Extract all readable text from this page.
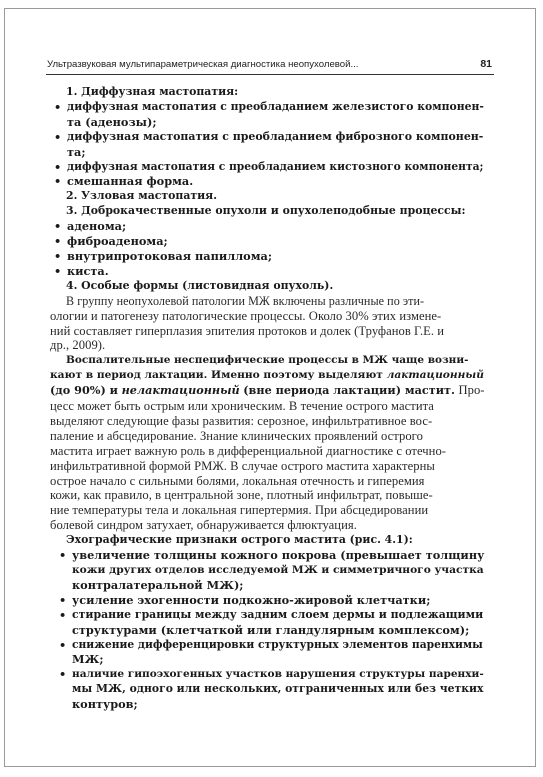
Ультразвуковая мультипараметрическая диагностика неопухолевой...	81
1. Диффузная мастопатия:
• диффузная мастопатия с преобладанием железистого компонен-
та (аденозы);
• диффузная мастопатия с преобладанием фиброзного компонен-
та;
• диффузная мастопатия с преобладанием кистозного компонента;
• смешанная форма.
2. Узловая мастопатия.
3. Доброкачественные опухоли и опухолеподобные процессы:
• аденома;
• фиброаденома;
• внутрипротоковая папиллома;
• киста.
4. Особые формы (листовидная опухоль).
В группу неопухолевой патологии МЖ включены различные по эти-
ологии и патогенезу патологические процессы. Около 30% этих измене-
ний составляет гиперплазия эпителия протоков и долек (Труфанов Г.Е. и
др., 2009).
Воспалительные неспецифические процессы в МЖ чаще возни-
кают в период лактации. Именно поэтому выделяют лактационный
(до 90%) и нелактационный (вне периода лактации) мастит. Про-
цесс может быть острым или хроническим. В течение острого мастита
выделяют следующие фазы развития: серозное, инфильтративное вос-
паление и абсцедирование. Знание клинических проявлений острого
мастита играет важную роль в дифференциальной диагностике с отечно-
инфильтративной формой РМЖ. В случае острого мастита характерны
острое начало с сильными болями, локальная отечность и гиперемия
кожи, как правило, в центральной зоне, плотный инфильтрат, повыше-
ние температуры тела и локальная гипертермия. При абсцедировании
болевой синдром затухает, обнаруживается флюктуация.
Эхографические признаки острого мастита (рис. 4.1):
• увеличение толщины кожного покрова (превышает толщину
кожи других отделов исследуемой МЖ и симметричного участка
контралатеральной МЖ);
• усиление эхогенности подкожно-жировой клетчатки;
• стирание границы между задним слоем дермы и подлежащими
структурами (клетчаткой или гландулярным комплексом);
• снижение дифференцировки структурных элементов паренхимы
МЖ;
• наличие гипоэхогенных участков нарушения структуры паренхи-
мы МЖ, одного или нескольких, отграниченных или без четких
контуров;
